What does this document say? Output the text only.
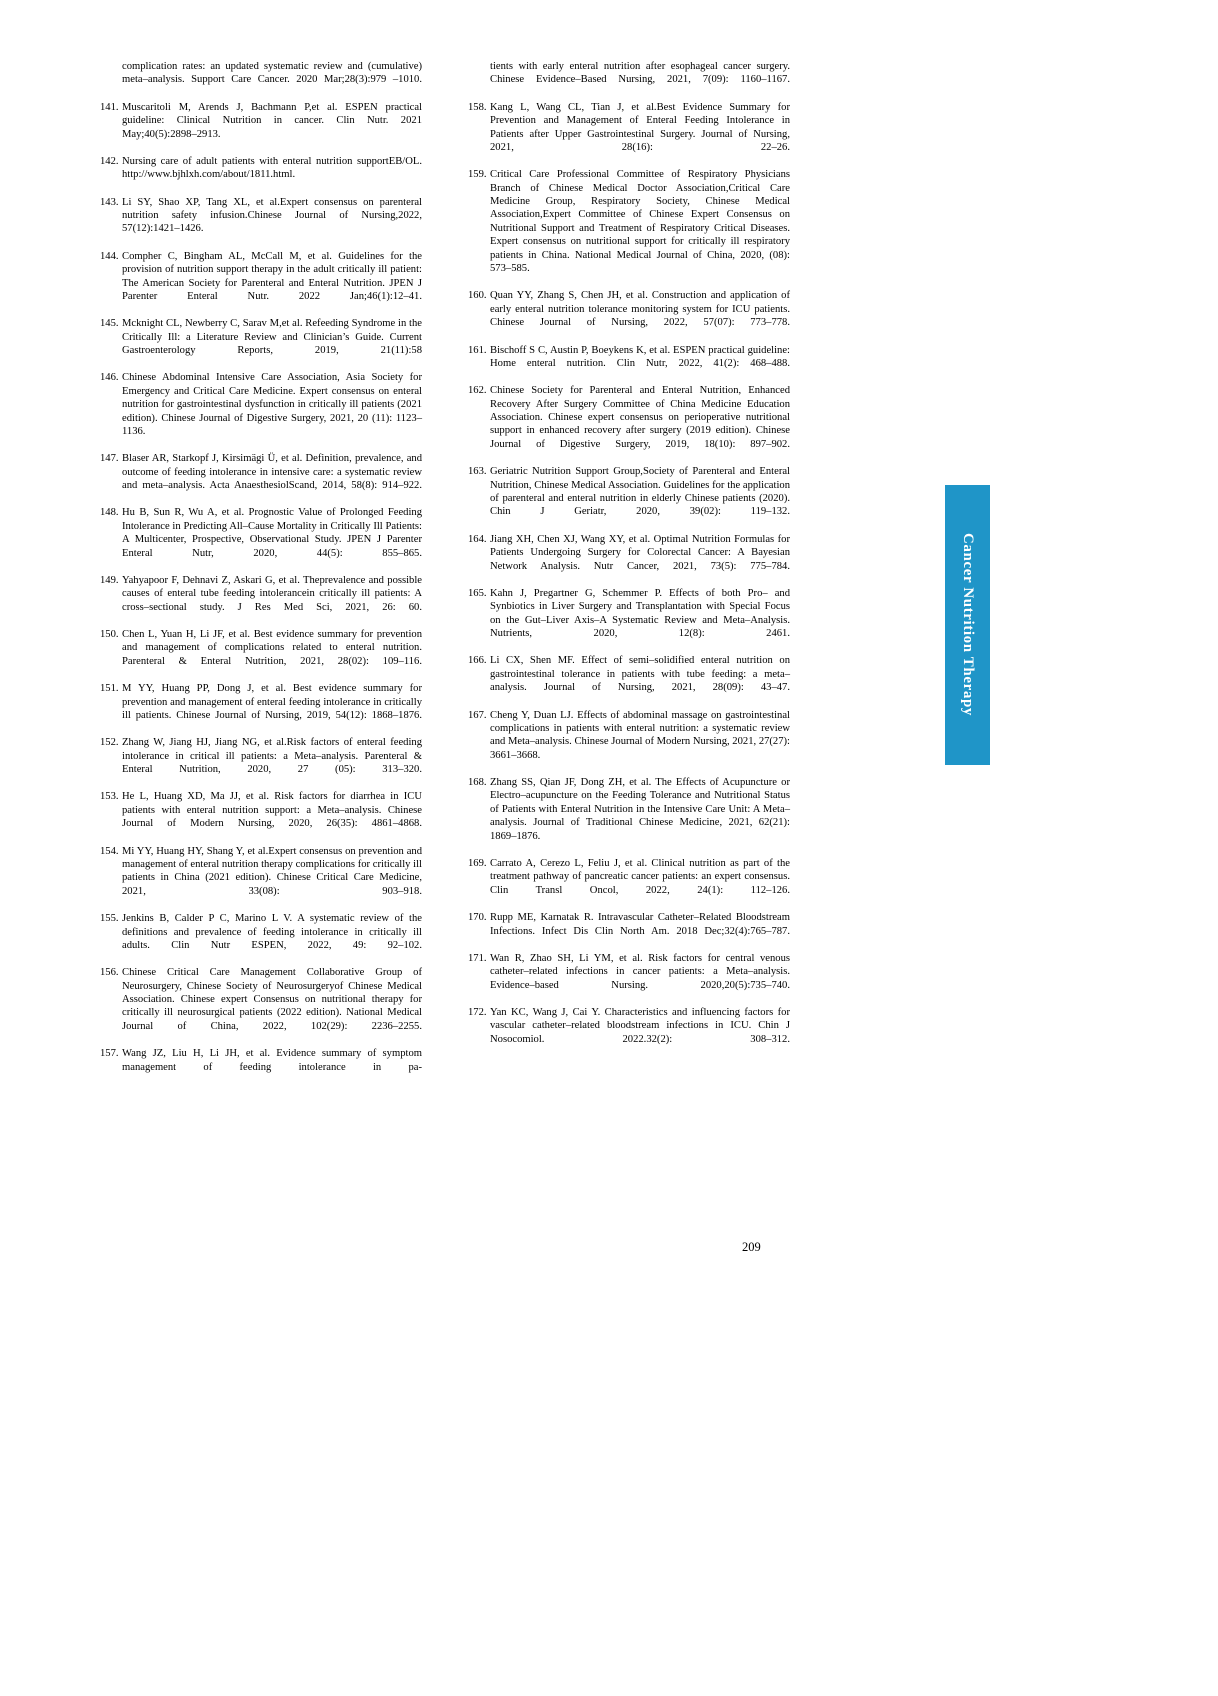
complication rates: an updated systematic review and (cumulative) meta–analysis. Support Care Cancer. 2020 Mar;28(3):979 –1010.
141. Muscaritoli M, Arends J, Bachmann P,et al. ESPEN practical guideline: Clinical Nutrition in cancer. Clin Nutr. 2021 May;40(5):2898–2913.
142. Nursing care of adult patients with enteral nutrition supportEB/OL. http://www.bjhlxh.com/about/1811.html.
143. Li SY, Shao XP, Tang XL, et al.Expert consensus on parenteral nutrition safety infusion.Chinese Journal of Nursing,2022, 57(12):1421–1426.
144. Compher C, Bingham AL, McCall M, et al. Guidelines for the provision of nutrition support therapy in the adult critically ill patient: The American Society for Parenteral and Enteral Nutrition. JPEN J Parenter Enteral Nutr. 2022 Jan;46(1):12–41.
145. Mcknight CL, Newberry C, Sarav M,et al. Refeeding Syndrome in the Critically Ill: a Literature Review and Clinician’s Guide. Current Gastroenterology Reports, 2019, 21(11):58
146. Chinese Abdominal Intensive Care Association, Asia Society for Emergency and Critical Care Medicine. Expert consensus on enteral nutrition for gastrointestinal dysfunction in critically ill patients (2021 edition). Chinese Journal of Digestive Surgery, 2021, 20 (11): 1123–1136.
147. Blaser AR, Starkopf J, Kirsimägi Ü, et al. Definition, prevalence, and outcome of feeding intolerance in intensive care: a systematic review and meta–analysis. Acta AnaesthesiolScand, 2014, 58(8): 914–922.
148. Hu B, Sun R, Wu A, et al. Prognostic Value of Prolonged Feeding Intolerance in Predicting All–Cause Mortality in Critically Ill Patients: A Multicenter, Prospective, Observational Study. JPEN J Parenter Enteral Nutr, 2020, 44(5): 855–865.
149. Yahyapoor F, Dehnavi Z, Askari G, et al. Theprevalence and possible causes of enteral tube feeding intolerancein critically ill patients: A cross–sectional study. J Res Med Sci, 2021, 26: 60.
150. Chen L, Yuan H, Li JF, et al. Best evidence summary for prevention and management of complications related to enteral nutrition. Parenteral & Enteral Nutrition, 2021, 28(02): 109–116.
151. M YY, Huang PP, Dong J, et al. Best evidence summary for prevention and management of enteral feeding intolerance in critically ill patients. Chinese Journal of Nursing, 2019, 54(12): 1868–1876.
152. Zhang W, Jiang HJ, Jiang NG, et al.Risk factors of enteral feeding intolerance in critical ill patients: a Meta–analysis. Parenteral & Enteral Nutrition, 2020, 27 (05): 313–320.
153. He L, Huang XD, Ma JJ, et al. Risk factors for diarrhea in ICU patients with enteral nutrition support: a Meta–analysis. Chinese Journal of Modern Nursing, 2020, 26(35): 4861–4868.
154. Mi YY, Huang HY, Shang Y, et al.Expert consensus on prevention and management of enteral nutrition therapy complications for critically ill patients in China (2021 edition). Chinese Critical Care Medicine, 2021, 33(08): 903–918.
155. Jenkins B, Calder P C, Marino L V. A systematic review of the definitions and prevalence of feeding intolerance in critically ill adults. Clin Nutr ESPEN, 2022, 49: 92–102.
156. Chinese Critical Care Management Collaborative Group of Neurosurgery, Chinese Society of Neurosurgeryof Chinese Medical Association. Chinese expert Consensus on nutritional therapy for critically ill neurosurgical patients (2022 edition). National Medical Journal of China, 2022, 102(29): 2236–2255.
157. Wang JZ, Liu H, Li JH, et al. Evidence summary of symptom management of feeding intolerance in pa-
tients with early enteral nutrition after esophageal cancer surgery. Chinese Evidence–Based Nursing, 2021, 7(09): 1160–1167.
158. Kang L, Wang CL, Tian J, et al.Best Evidence Summary for Prevention and Management of Enteral Feeding Intolerance in Patients after Upper Gastrointestinal Surgery. Journal of Nursing, 2021, 28(16): 22–26.
159. Critical Care Professional Committee of Respiratory Physicians Branch of Chinese Medical Doctor Association,Critical Care Medicine Group, Respiratory Society, Chinese Medical Association,Expert Committee of Chinese Expert Consensus on Nutritional Support and Treatment of Respiratory Critical Diseases. Expert consensus on nutritional support for critically ill respiratory patients in China. National Medical Journal of China, 2020, (08): 573–585.
160. Quan YY, Zhang S, Chen JH, et al. Construction and application of early enteral nutrition tolerance monitoring system for ICU patients. Chinese Journal of Nursing, 2022, 57(07): 773–778.
161. Bischoff S C, Austin P, Boeykens K, et al. ESPEN practical guideline: Home enteral nutrition. Clin Nutr, 2022, 41(2): 468–488.
162. Chinese Society for Parenteral and Enteral Nutrition, Enhanced Recovery After Surgery Committee of China Medicine Education Association. Chinese expert consensus on perioperative nutritional support in enhanced recovery after surgery (2019 edition). Chinese Journal of Digestive Surgery, 2019, 18(10): 897–902.
163. Geriatric Nutrition Support Group,Society of Parenteral and Enteral Nutrition, Chinese Medical Association. Guidelines for the application of parenteral and enteral nutrition in elderly Chinese patients (2020). Chin J Geriatr, 2020, 39(02): 119–132.
164. Jiang XH, Chen XJ, Wang XY, et al. Optimal Nutrition Formulas for Patients Undergoing Surgery for Colorectal Cancer: A Bayesian Network Analysis. Nutr Cancer, 2021, 73(5): 775–784.
165. Kahn J, Pregartner G, Schemmer P. Effects of both Pro– and Synbiotics in Liver Surgery and Transplantation with Special Focus on the Gut–Liver Axis–A Systematic Review and Meta–Analysis. Nutrients, 2020, 12(8): 2461.
166. Li CX, Shen MF. Effect of semi–solidified enteral nutrition on gastrointestinal tolerance in patients with tube feeding: a meta–analysis. Journal of Nursing, 2021, 28(09): 43–47.
167. Cheng Y, Duan LJ. Effects of abdominal massage on gastrointestinal complications in patients with enteral nutrition: a systematic review and Meta–analysis. Chinese Journal of Modern Nursing, 2021, 27(27): 3661–3668.
168. Zhang SS, Qian JF, Dong ZH, et al. The Effects of Acupuncture or Electro–acupuncture on the Feeding Tolerance and Nutritional Status of Patients with Enteral Nutrition in the Intensive Care Unit: A Meta–analysis. Journal of Traditional Chinese Medicine, 2021, 62(21): 1869–1876.
169. Carrato A, Cerezo L, Feliu J, et al. Clinical nutrition as part of the treatment pathway of pancreatic cancer patients: an expert consensus. Clin Transl Oncol, 2022, 24(1): 112–126.
170. Rupp ME, Karnatak R. Intravascular Catheter–Related Bloodstream Infections. Infect Dis Clin North Am. 2018 Dec;32(4):765–787.
171. Wan R, Zhao SH, Li YM, et al. Risk factors for central venous catheter–related infections in cancer patients: a Meta–analysis. Evidence–based Nursing. 2020,20(5):735–740.
172. Yan KC, Wang J, Cai Y. Characteristics and influencing factors for vascular catheter–related bloodstream infections in ICU. Chin J Nosocomiol. 2022.32(2): 308–312.
Cancer Nutrition Therapy
209
